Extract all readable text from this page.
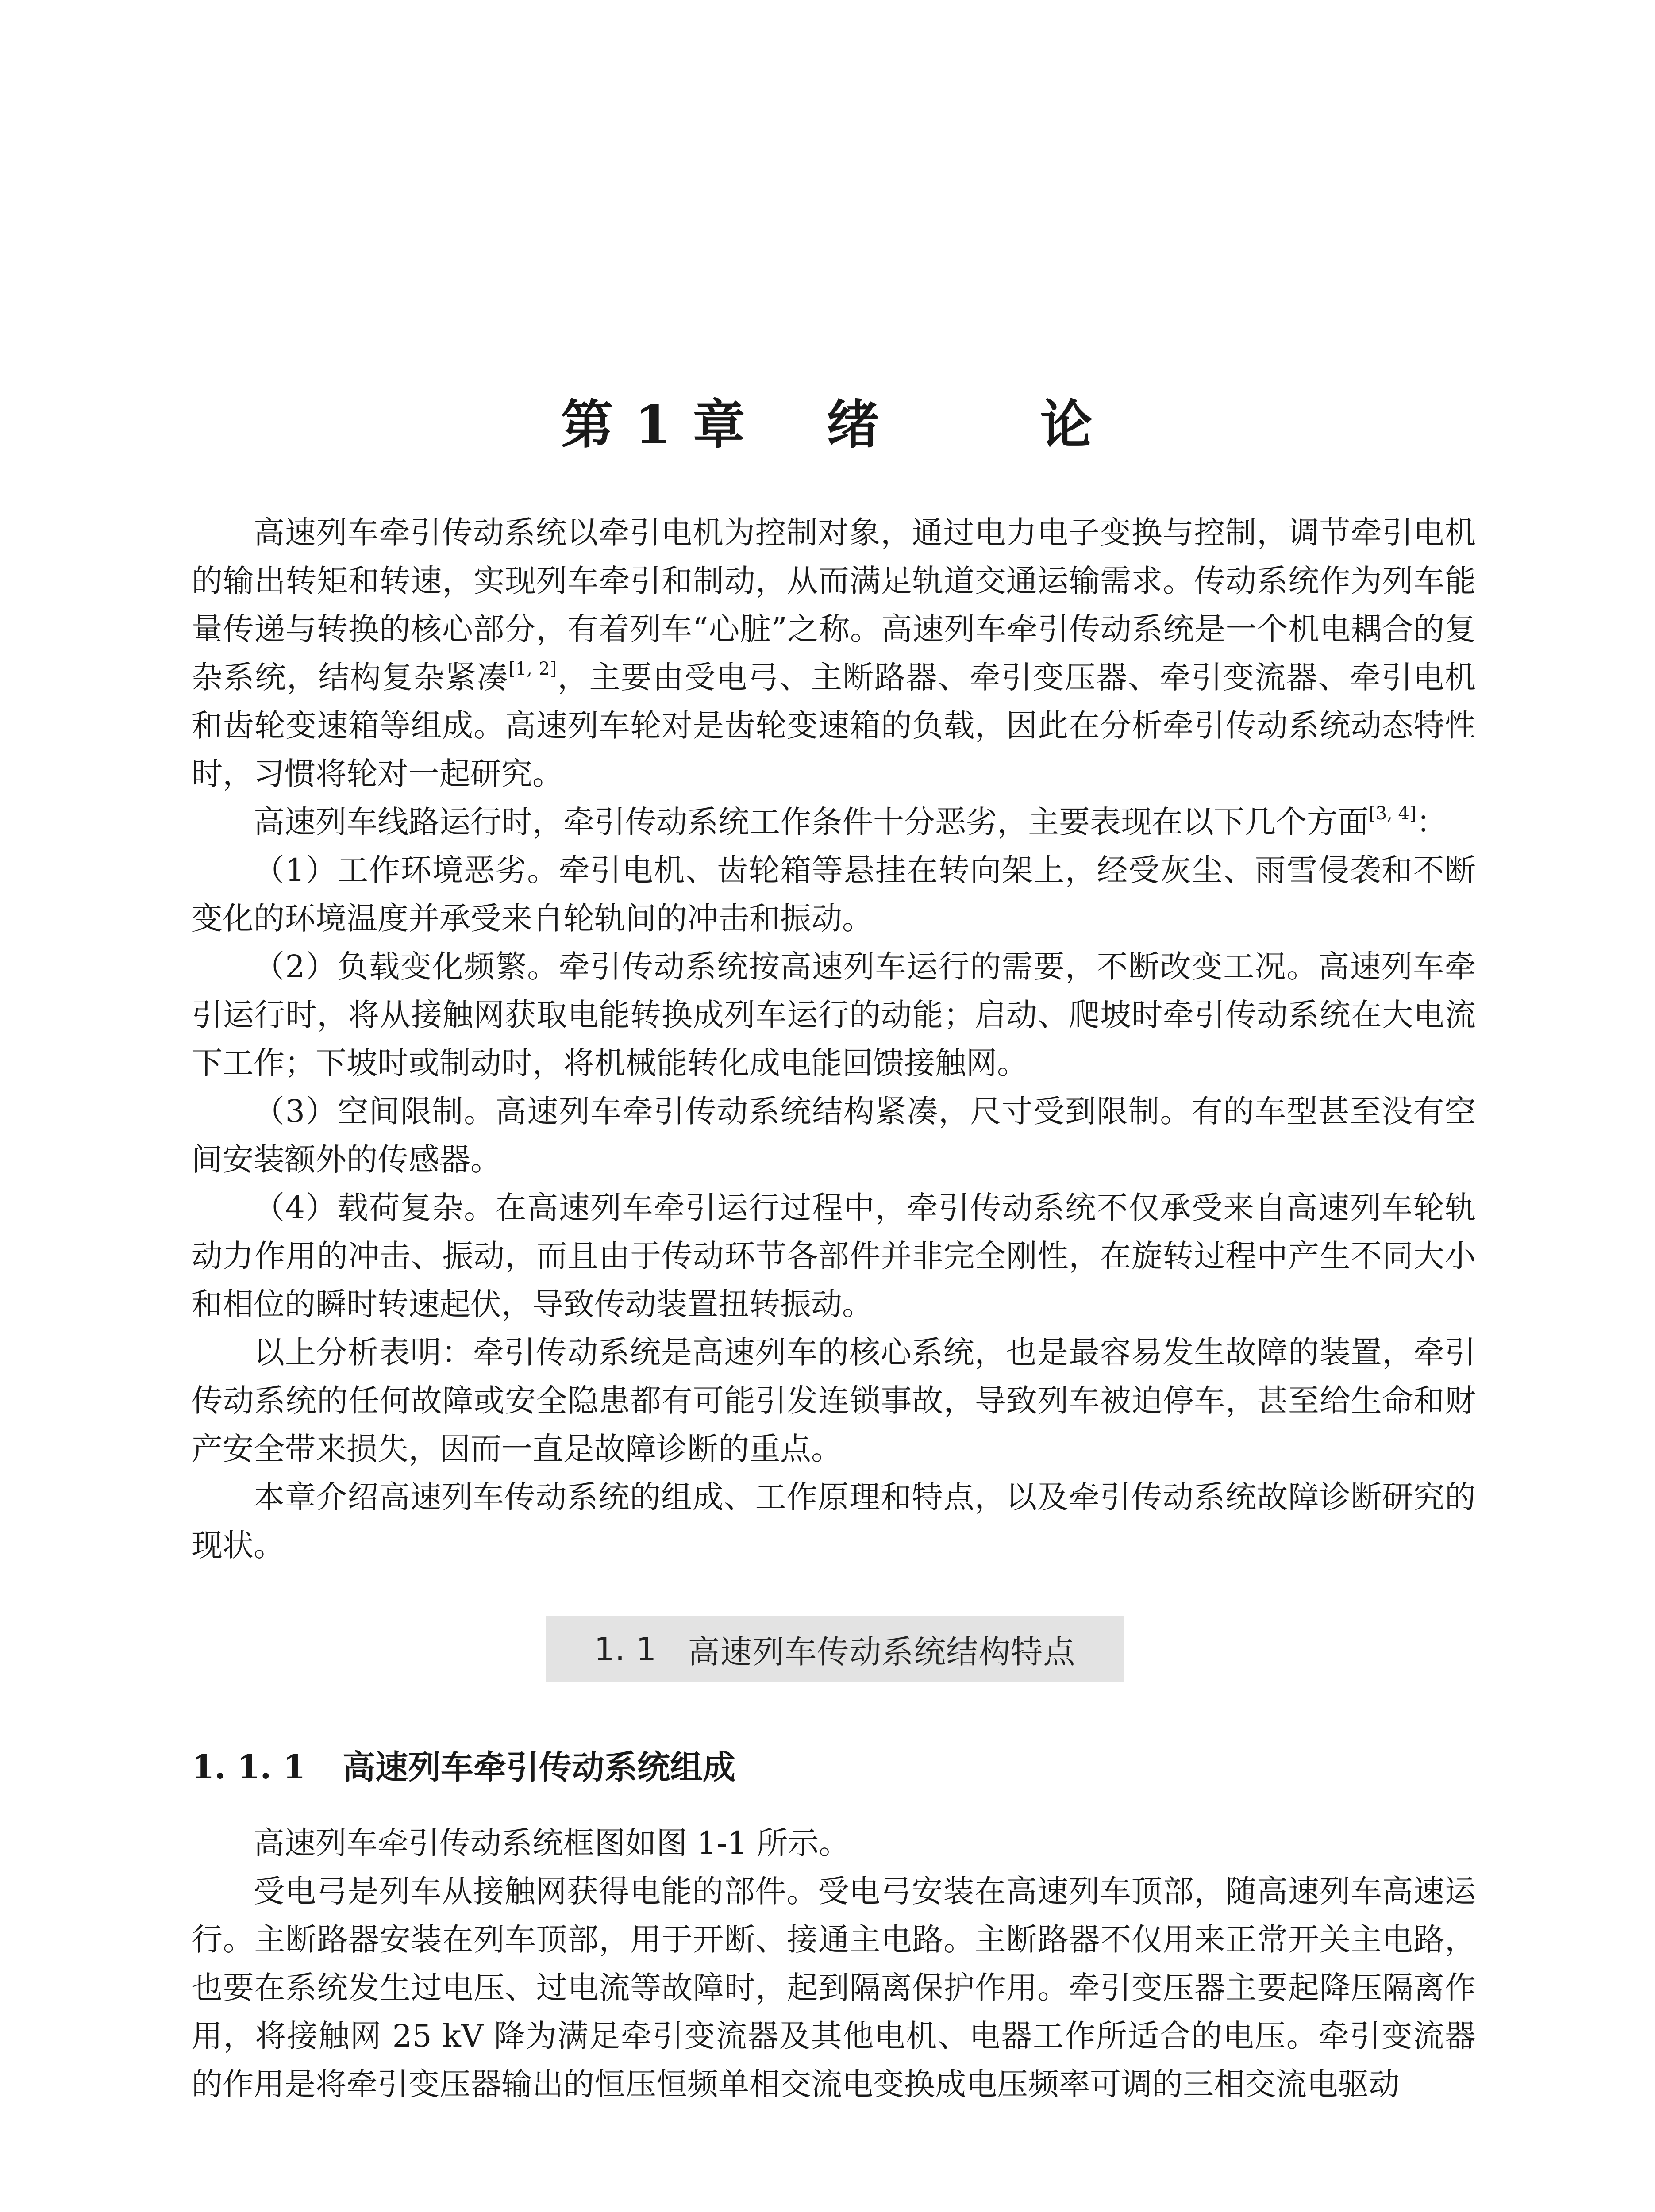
第 1 章    绪        论

高速列车牵引传动系统以牵引电机为控制对象，通过电力电子变换与控制，调节牵引电机的输出转矩和转速，实现列车牵引和制动，从而满足轨道交通运输需求。传动系统作为列车能量传递与转换的核心部分，有着列车“心脏”之称。高速列车牵引传动系统是一个机电耦合的复杂系统，结构复杂紧凑[1, 2]，主要由受电弓、主断路器、牵引变压器、牵引变流器、牵引电机和齿轮变速箱等组成。高速列车轮对是齿轮变速箱的负载，因此在分析牵引传动系统动态特性时，习惯将轮对一起研究。

高速列车线路运行时，牵引传动系统工作条件十分恶劣，主要表现在以下几个方面[3, 4]：

（1）工作环境恶劣。牵引电机、齿轮箱等悬挂在转向架上，经受灰尘、雨雪侵袭和不断变化的环境温度并承受来自轮轨间的冲击和振动。

（2）负载变化频繁。牵引传动系统按高速列车运行的需要，不断改变工况。高速列车牵引运行时，将从接触网获取电能转换成列车运行的动能；启动、爬坡时牵引传动系统在大电流下工作；下坡时或制动时，将机械能转化成电能回馈接触网。

（3）空间限制。高速列车牵引传动系统结构紧凑，尺寸受到限制。有的车型甚至没有空间安装额外的传感器。

（4）载荷复杂。在高速列车牵引运行过程中，牵引传动系统不仅承受来自高速列车轮轨动力作用的冲击、振动，而且由于传动环节各部件并非完全刚性，在旋转过程中产生不同大小和相位的瞬时转速起伏，导致传动装置扭转振动。

以上分析表明：牵引传动系统是高速列车的核心系统，也是最容易发生故障的装置，牵引传动系统的任何故障或安全隐患都有可能引发连锁事故，导致列车被迫停车，甚至给生命和财产安全带来损失，因而一直是故障诊断的重点。

本章介绍高速列车传动系统的组成、工作原理和特点，以及牵引传动系统故障诊断研究的现状。

1. 1 高速列车传动系统结构特点
1. 1. 1 高速列车牵引传动系统组成

高速列车牵引传动系统框图如图 1-1 所示。

受电弓是列车从接触网获得电能的部件。受电弓安装在高速列车顶部，随高速列车高速运行。主断路器安装在列车顶部，用于开断、接通主电路。主断路器不仅用来正常开关主电路，也要在系统发生过电压、过电流等故障时，起到隔离保护作用。牵引变压器主要起降压隔离作用，将接触网 25 kV 降为满足牵引变流器及其他电机、电器工作所适合的电压。牵引变流器的作用是将牵引变压器输出的恒压恒频单相交流电变换成电压频率可调的三相交流电驱动
